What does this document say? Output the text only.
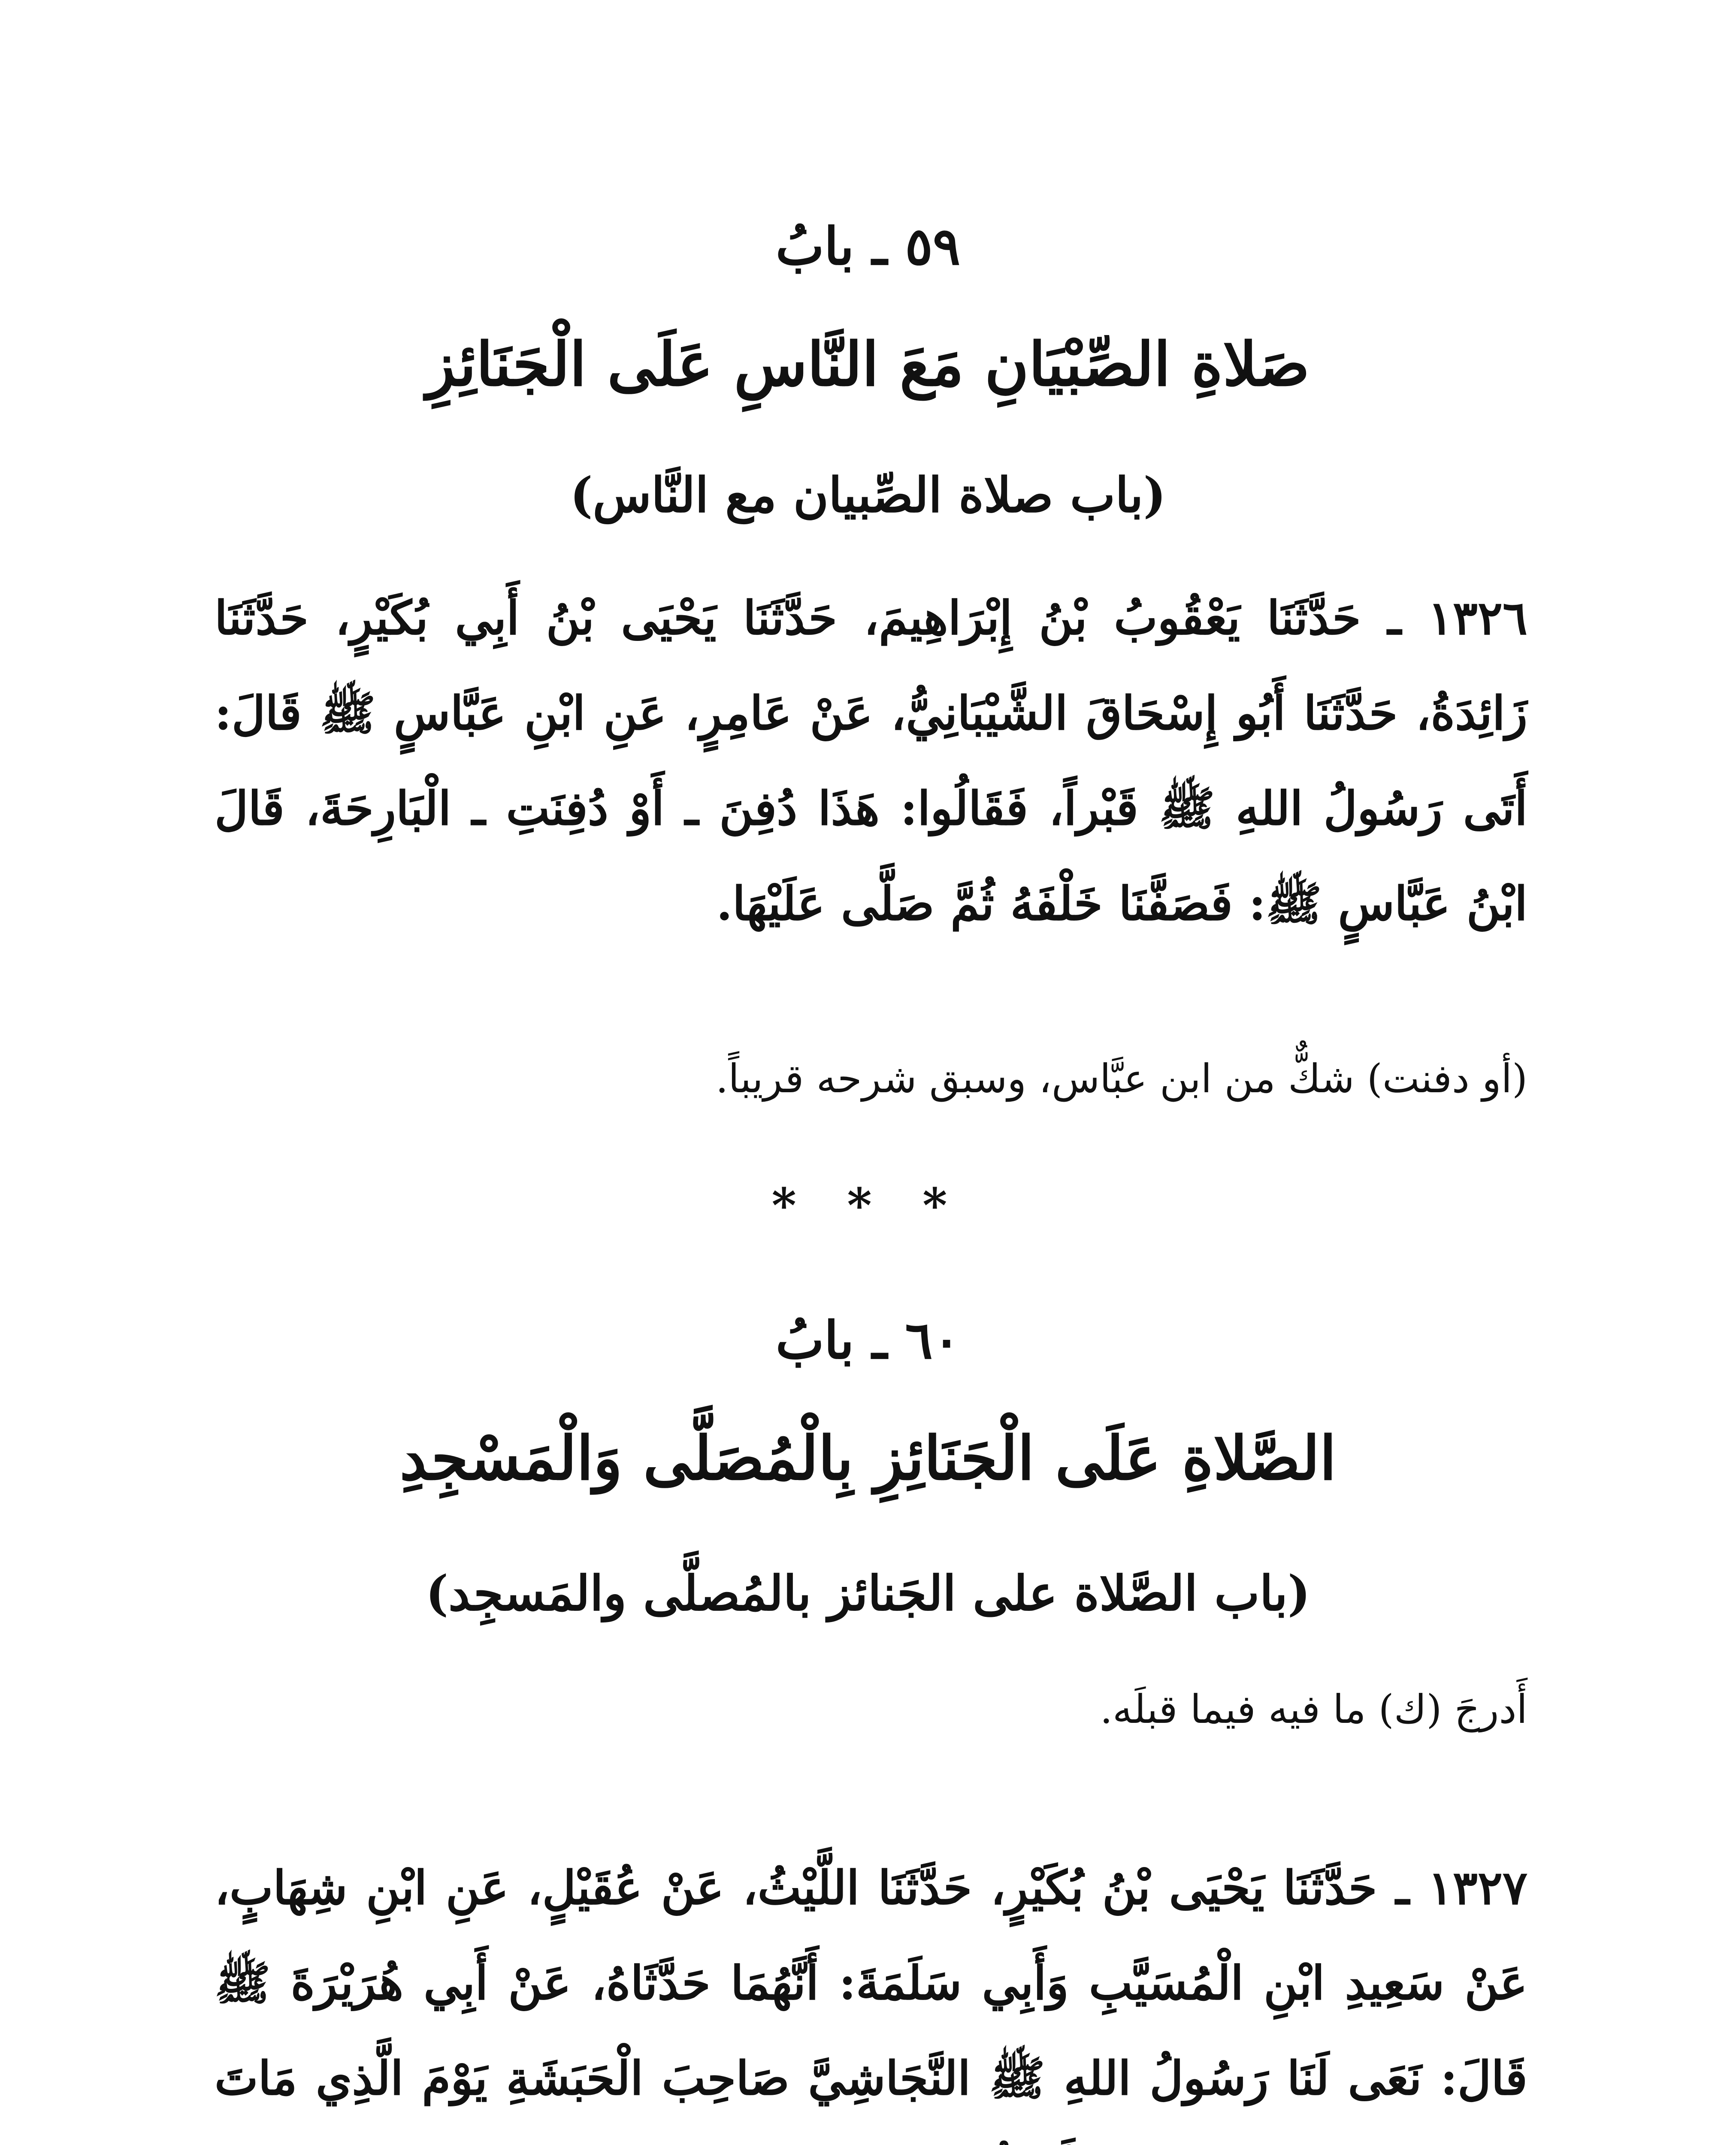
٥٩ ـ بابُ
صَلاةِ الصِّبْيَانِ مَعَ النَّاسِ عَلَى الْجَنَائِزِ
(باب صلاة الصِّبيان مع النَّاس)
١٣٢٦ ـ حَدَّثَنَا يَعْقُوبُ بْنُ إِبْرَاهِيمَ، حَدَّثَنَا يَحْيَى بْنُ أَبِي بُكَيْرٍ، حَدَّثَنَا زَائِدَةُ، حَدَّثَنَا أَبُو إِسْحَاقَ الشَّيْبَانِيُّ، عَنْ عَامِرٍ، عَنِ ابْنِ عَبَّاسٍ ﷺ قَالَ: أَتَى رَسُولُ اللهِ ﷺ قَبْراً، فَقَالُوا: هَذَا دُفِنَ ـ أَوْ دُفِنَتِ ـ الْبَارِحَةَ، قَالَ ابْنُ عَبَّاسٍ ﷺ: فَصَفَّنَا خَلْفَهُ ثُمَّ صَلَّى عَلَيْهَا.
(أو دفنت) شكٌّ من ابن عبَّاس، وسبق شرحه قريباً.
* * *
٦٠ ـ بابُ
الصَّلاةِ عَلَى الْجَنَائِزِ بِالْمُصَلَّى وَالْمَسْجِدِ
(باب الصَّلاة على الجَنائز بالمُصلَّى والمَسجِد)
أَدرجَ (ك) ما فيه فيما قبلَه.
١٣٢٧ ـ حَدَّثَنَا يَحْيَى بْنُ بُكَيْرٍ، حَدَّثَنَا اللَّيْثُ، عَنْ عُقَيْلٍ، عَنِ ابْنِ شِهَابٍ، عَنْ سَعِيدِ ابْنِ الْمُسَيَّبِ وَأَبِي سَلَمَةَ: أَنَّهُمَا حَدَّثَاهُ، عَنْ أَبِي هُرَيْرَةَ ﷺ قَالَ: نَعَى لَنَا رَسُولُ اللهِ ﷺ النَّجَاشِيَّ صَاحِبَ الْحَبَشَةِ يَوْمَ الَّذِي مَاتَ
